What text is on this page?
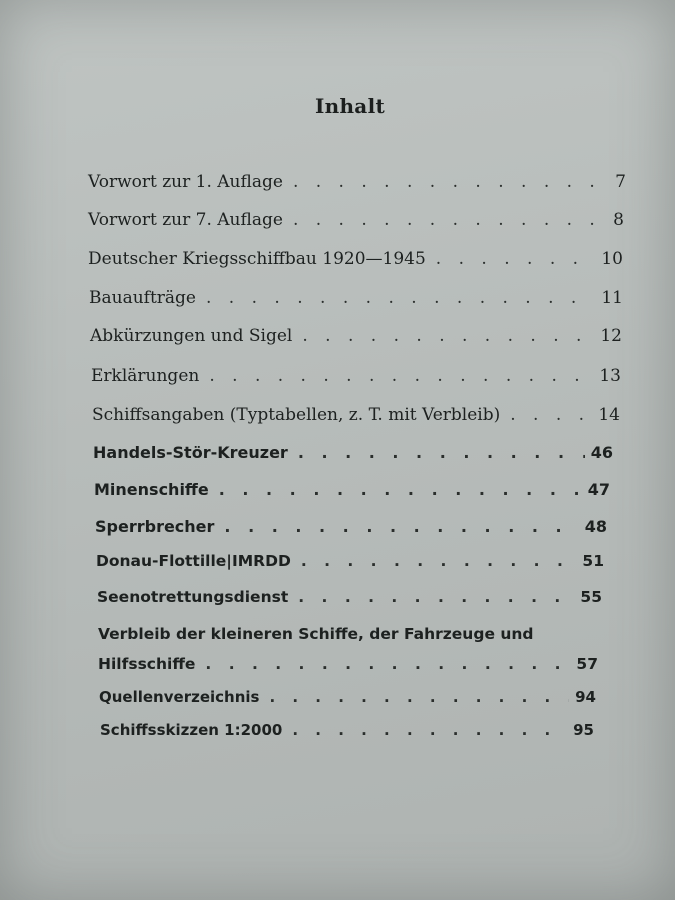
Inhalt
Vorwort zur 1. Auflage . . .	7
Vorwort zur 7. Auflage . . .	8
Deutscher Kriegsschiffbau 1920—1945 . . .	10
Bauaufträge . . .	11
Abkürzungen und Sigel . . .	12
Erklärungen . . .	13
Schiffsangaben (Typtabellen, z. T. mit Verbleib) . . .	14
Handels-Stör-Kreuzer . . .	46
Minenschiffe . . .	47
Sperrbrecher . . .	48
Donau-Flottille|IMRDD . . .	51
Seenotrettungsdienst . . .	55
Verbleib der kleineren Schiffe, der Fahrzeuge und
Hilfsschiffe . . .	57
Quellenverzeichnis . . .	94
Schiffsskizzen 1:2000 . . .	95
